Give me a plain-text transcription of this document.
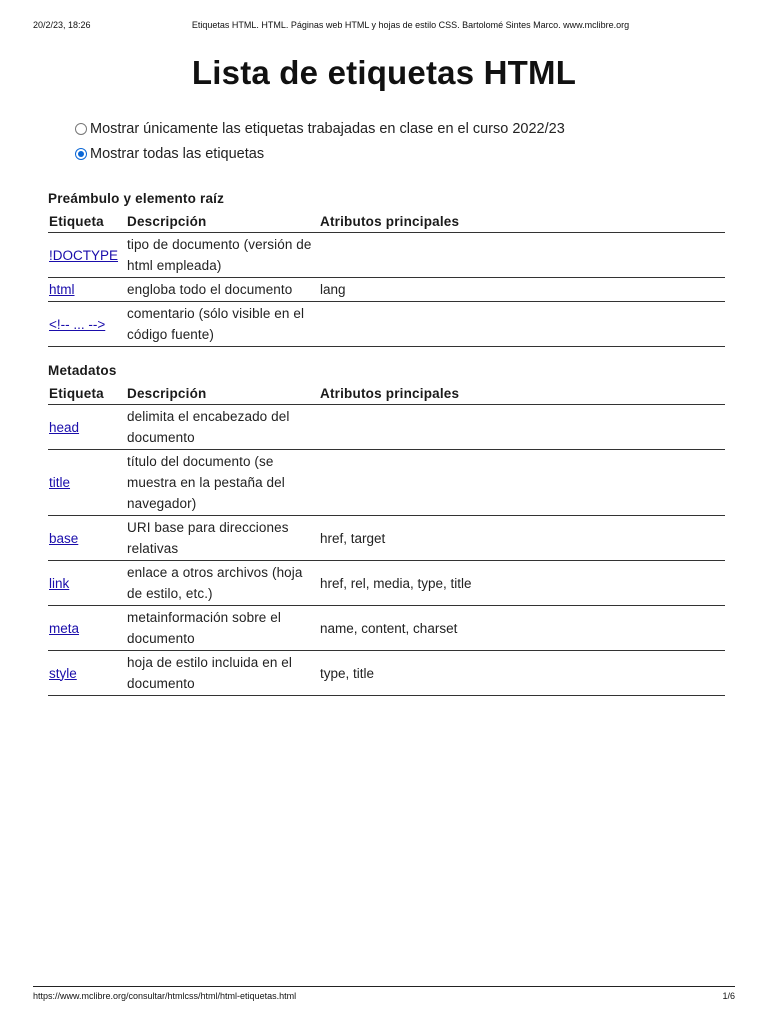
20/2/23, 18:26	Etiquetas HTML. HTML. Páginas web HTML y hojas de estilo CSS. Bartolomé Sintes Marco. www.mclibre.org
Lista de etiquetas HTML
Mostrar únicamente las etiquetas trabajadas en clase en el curso 2022/23
Mostrar todas las etiquetas
Preámbulo y elemento raíz
Etiqueta	Descripción	Atributos principales
!DOCTYPE	tipo de documento (versión de html empleada)	
html	engloba todo el documento	lang
<!-- ... -->	comentario (sólo visible en el código fuente)	
Metadatos
Etiqueta	Descripción	Atributos principales
head	delimita el encabezado del documento	
title	título del documento (se muestra en la pestaña del navegador)	
base	URI base para direcciones relativas	href, target
link	enlace a otros archivos (hoja de estilo, etc.)	href, rel, media, type, title
meta	metainformación sobre el documento	name, content, charset
style	hoja de estilo incluida en el documento	type, title
https://www.mclibre.org/consultar/htmlcss/html/html-etiquetas.html	1/6
